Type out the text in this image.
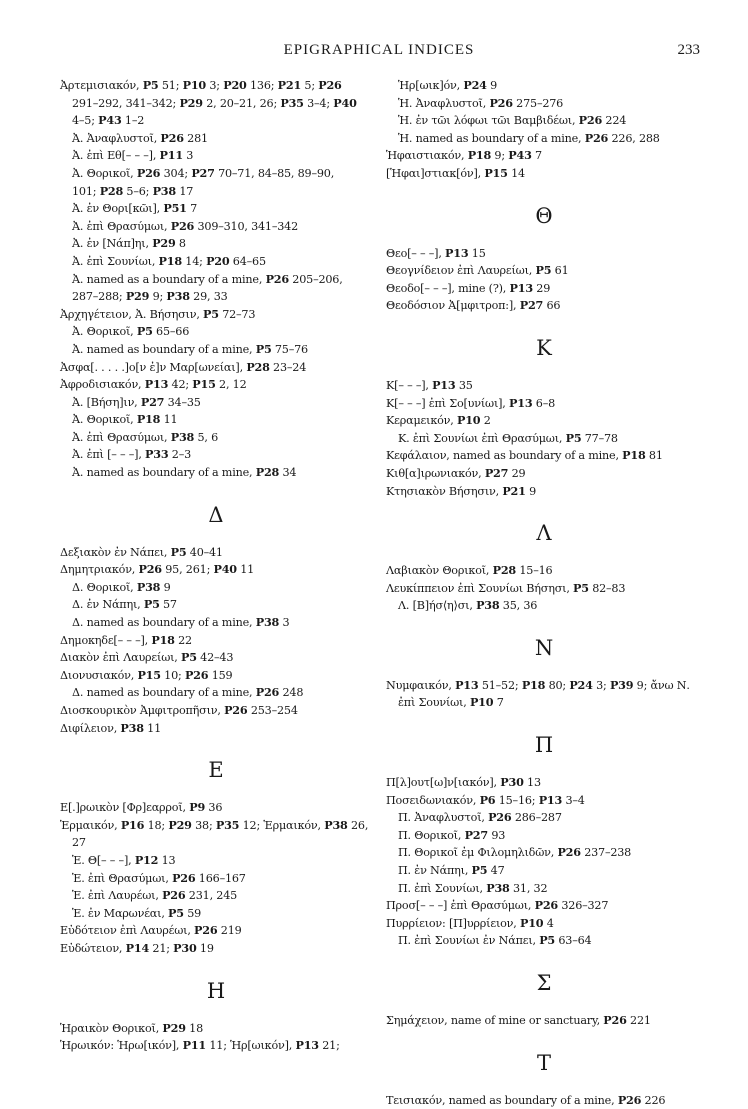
EPIGRAPHICAL INDICES	233
Ἀρτεμισιακόν, P5 51; P10 3; P20 136; P21 5; P26
291–292, 341–342; P29 2, 20–21, 26; P35 3–4; P40
4–5; P43 1–2
Ἀ. Ἀναφλυστοῖ, P26 281
Ἀ. ἐπὶ Εθ[– – –], P11 3
Ἀ. Θορικοῖ, P26 304; P27 70–71, 84–85, 89–90,
101; P28 5–6; P38 17
Ἀ. ἐν Θορι[κῶι], P51 7
Ἀ. ἐπὶ Θρασύμωι, P26 309–310, 341–342
Ἀ. ἐν [Νάπ]ηι, P29 8
Ἀ. ἐπὶ Σουνίωι, P18 14; P20 64–65
Ἀ. named as a boundary of a mine, P26 205–206,
287–288; P29 9; P38 29, 33
Ἀρχηγέτειον, Ἀ. Βήσησιν, P5 72–73
Ἀ. Θορικοῖ, P5 65–66
Ἀ. named as boundary of a mine, P5 75–76
Ἀσφα[. . . . .]ο[ν ἐ]ν Μαρ[ωνείαι], P28 23–24
Ἀφροδισιακόν, P13 42; P15 2, 12
Ἀ. [Βήση]ιν, P27 34–35
Ἀ. Θορικοῖ, P18 11
Ἀ. ἐπὶ Θρασύμωι, P38 5, 6
Ἀ. ἐπὶ [– – –], P33 2–3
Ἀ. named as boundary of a mine, P28 34
Δ
Δεξιακὸν ἐν Νάπει, P5 40–41
Δημητριακόν, P26 95, 261; P40 11
Δ. Θορικοῖ, P38 9
Δ. ἐν Νάπηι, P5 57
Δ. named as boundary of a mine, P38 3
Δημοκηδε[– – –], P18 22
Διακὸν ἐπὶ Λαυρείωι, P5 42–43
Διονυσιακόν, P15 10; P26 159
Δ. named as boundary of a mine, P26 248
Διοσκουρικὸν Ἀμφιτροπῆσιν, P26 253–254
Διφίλειον, P38 11
Ε
Ε[.]ρωικὸν [Φρ]εαρροῖ, P9 36
Ἑρμαικόν, P16 18; P29 38; P35 12; Ἑρμαικόν, P38 26,
27
Ἑ. Θ[– – –], P12 13
Ἑ. ἐπὶ Θρασύμωι, P26 166–167
Ἑ. ἐπὶ Λαυρέωι, P26 231, 245
Ἑ. ἐν Μαρωνέαι, P5 59
Εὐδότειον ἐπὶ Λαυρέωι, P26 219
Εὐδώτειον, P14 21; P30 19
Η
Ἡραικὸν Θορικοῖ, P29 18
Ἡρωικόν: Ἡρω[ικόν], P11 11; Ἡρ[ωικόν], P13 21;
Ἡρ[ωικ]όν, P24 9
Ἡ. Ἀναφλυστοῖ, P26 275–276
Ἡ. ἐν τῶι λόφωι τῶι Βαμβιδέωι, P26 224
Ἡ. named as boundary of a mine, P26 226, 288
Ἡφαιστιακόν, P18 9; P43 7
[Ἡφαι]στιακ[όν], P15 14
Θ
Θεο[– – –], P13 15
Θεογνίδειον ἐπὶ Λαυρείωι, P5 61
Θεοδο[– – –], mine (?), P13 29
Θεοδόσιον Ἀ[μφιτροπ:], P27 66
Κ
Κ[– – –], P13 35
Κ[– – –] ἐπὶ Σο[υνίωι], P13 6–8
Κεραμεικόν, P10 2
Κ. ἐπὶ Σουνίωι ἐπὶ Θρασύμωι, P5 77–78
Κεφάλαιον, named as boundary of a mine, P18 81
Κιθ[α]ιρωνιακόν, P27 29
Κτησιακὸν Βήσησιν, P21 9
Λ
Λαβιακὸν Θορικοῖ, P28 15–16
Λευκίππειον ἐπὶ Σουνίωι Βήσησι, P5 82–83
Λ. [Β]ήσ⟨η⟩σι, P38 35, 36
Ν
Νυμφαικόν, P13 51–52; P18 80; P24 3; P39 9; ἄνω Ν.
ἐπὶ Σουνίωι, P10 7
Π
Π[λ]ουτ[ω]ν[ιακόν], P30 13
Ποσειδωνιακόν, P6 15–16; P13 3–4
Π. Ἀναφλυστοῖ, P26 286–287
Π. Θορικοῖ, P27 93
Π. Θορικοῖ ἐμ Φιλομηλιδῶν, P26 237–238
Π. ἐν Νάπηι, P5 47
Π. ἐπὶ Σουνίωι, P38 31, 32
Προσ[– – –] ἐπὶ Θρασύμωι, P26 326–327
Πυρρίειον: [Π]υρρίειον, P10 4
Π. ἐπὶ Σουνίωι ἐν Νάπει, P5 63–64
Σ
Σημάχειον, name of mine or sanctuary, P26 221
Τ
Τεισιακόν, named as boundary of a mine, P26 226
